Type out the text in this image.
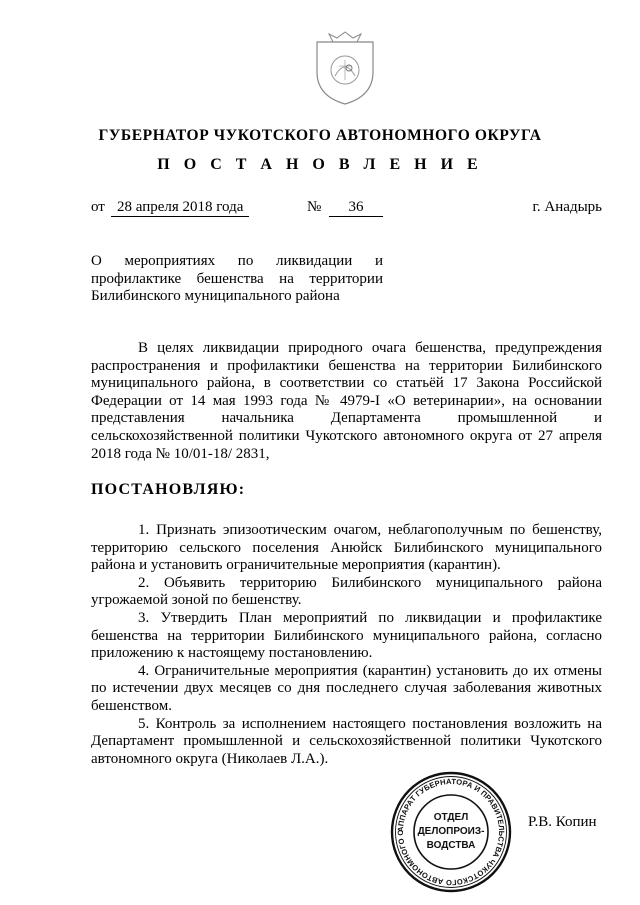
ГУБЕРНАТОР ЧУКОТСКОГО АВТОНОМНОГО ОКРУГА
П О С Т А Н О В Л Е Н И Е
от 28 апреля 2018 года	№	36	г. Анадырь
О мероприятиях по ликвидации и профилактике бешенства на территории Билибинского муниципального района
В целях ликвидации природного очага бешенства, предупреждения распространения и профилактики бешенства на территории Билибинского муниципального района, в соответствии со статьёй 17 Закона Российской Федерации от 14 мая 1993 года № 4979-I «О ветеринарии», на основании представления начальника Департамента промышленной и сельскохозяйственной политики Чукотского автономного округа от 27 апреля 2018 года № 10/01-18/ 2831,
ПОСТАНОВЛЯЮ:

1. Признать эпизоотическим очагом, неблагополучным по бешенству, территорию сельского поселения Анюйск Билибинского муниципального района и установить ограничительные мероприятия (карантин).

2. Объявить территорию Билибинского муниципального района угрожаемой зоной по бешенству.

3. Утвердить План мероприятий по ликвидации и профилактике бешенства на территории Билибинского муниципального района, согласно приложению к настоящему постановлению.

4. Ограничительные мероприятия (карантин) установить до их отмены по истечении двух месяцев со дня последнего случая заболевания животных бешенством.

5. Контроль за исполнением настоящего постановления возложить на Департамент промышленной и сельскохозяйственной политики Чукотского автономного округа (Николаев Л.А.).

АППАРАТ ГУБЕРНАТОРА И ПРАВИТЕЛЬСТВА ЧУКОТСКОГО АВТОНОМНОГО О
ОТДЕЛ
ДЕЛОПРОИЗ-
ВОДСТВА
Р.В. Копин
